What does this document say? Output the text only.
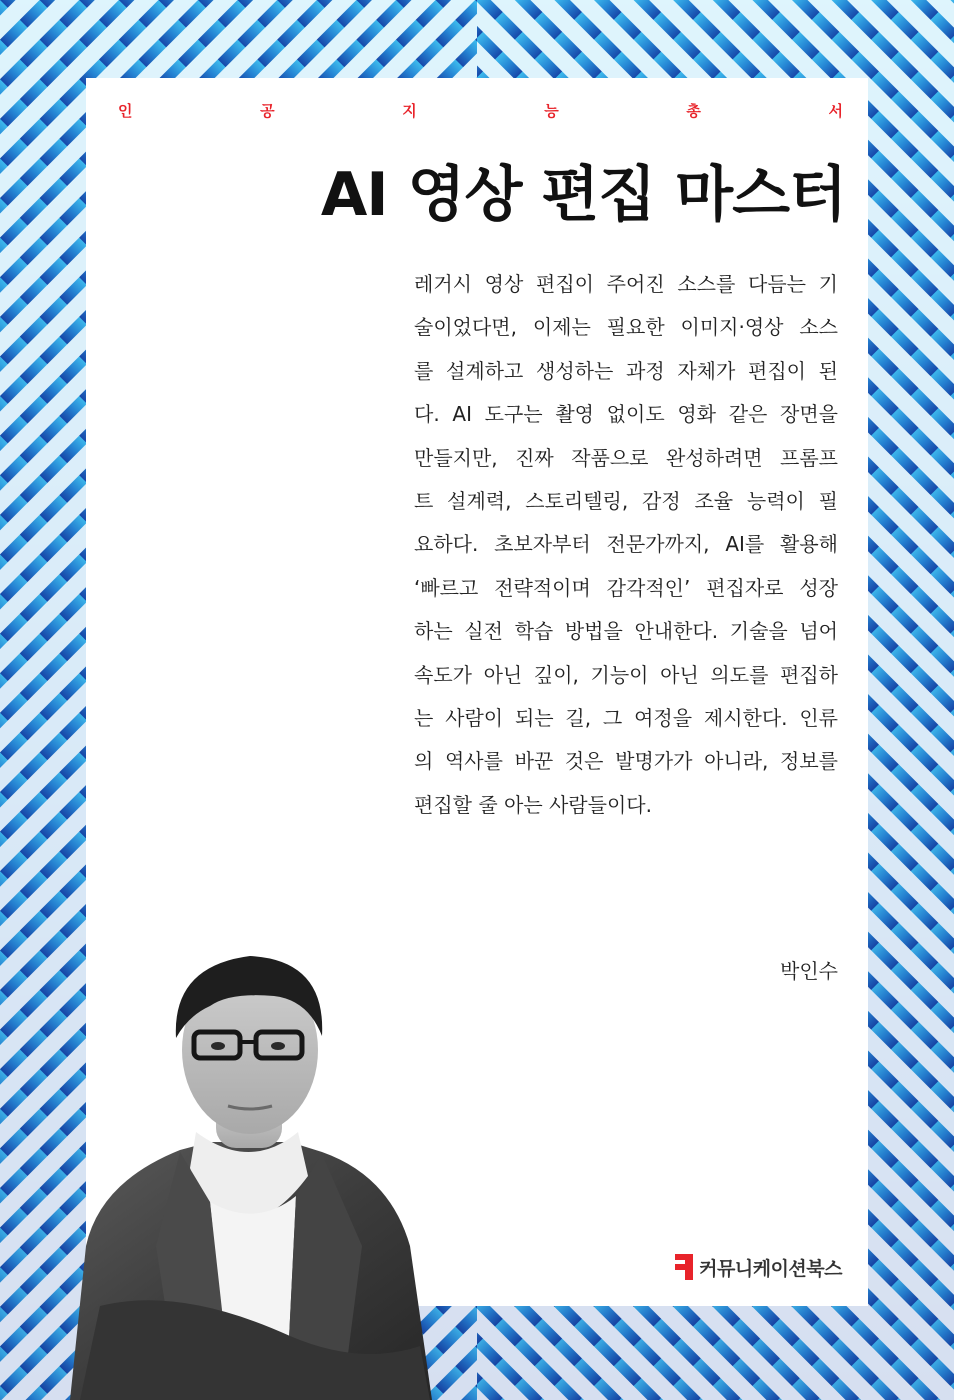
인	공	지	능	총	서
AI 영상 편집 마스터
레거시 영상 편집이 주어진 소스를 다듬는 기
술이었다면, 이제는 필요한 이미지·영상 소스
를 설계하고 생성하는 과정 자체가 편집이 된
다. AI 도구는 촬영 없이도 영화 같은 장면을
만들지만, 진짜 작품으로 완성하려면 프롬프
트 설계력, 스토리텔링, 감정 조율 능력이 필
요하다. 초보자부터 전문가까지, AI를 활용해
‘빠르고 전략적이며 감각적인’ 편집자로 성장
하는 실전 학습 방법을 안내한다. 기술을 넘어
속도가 아닌 깊이, 기능이 아닌 의도를 편집하
는 사람이 되는 길, 그 여정을 제시한다. 인류
의 역사를 바꾼 것은 발명가가 아니라, 정보를
편집할 줄 아는 사람들이다.
박인수
커뮤니케이션북스
